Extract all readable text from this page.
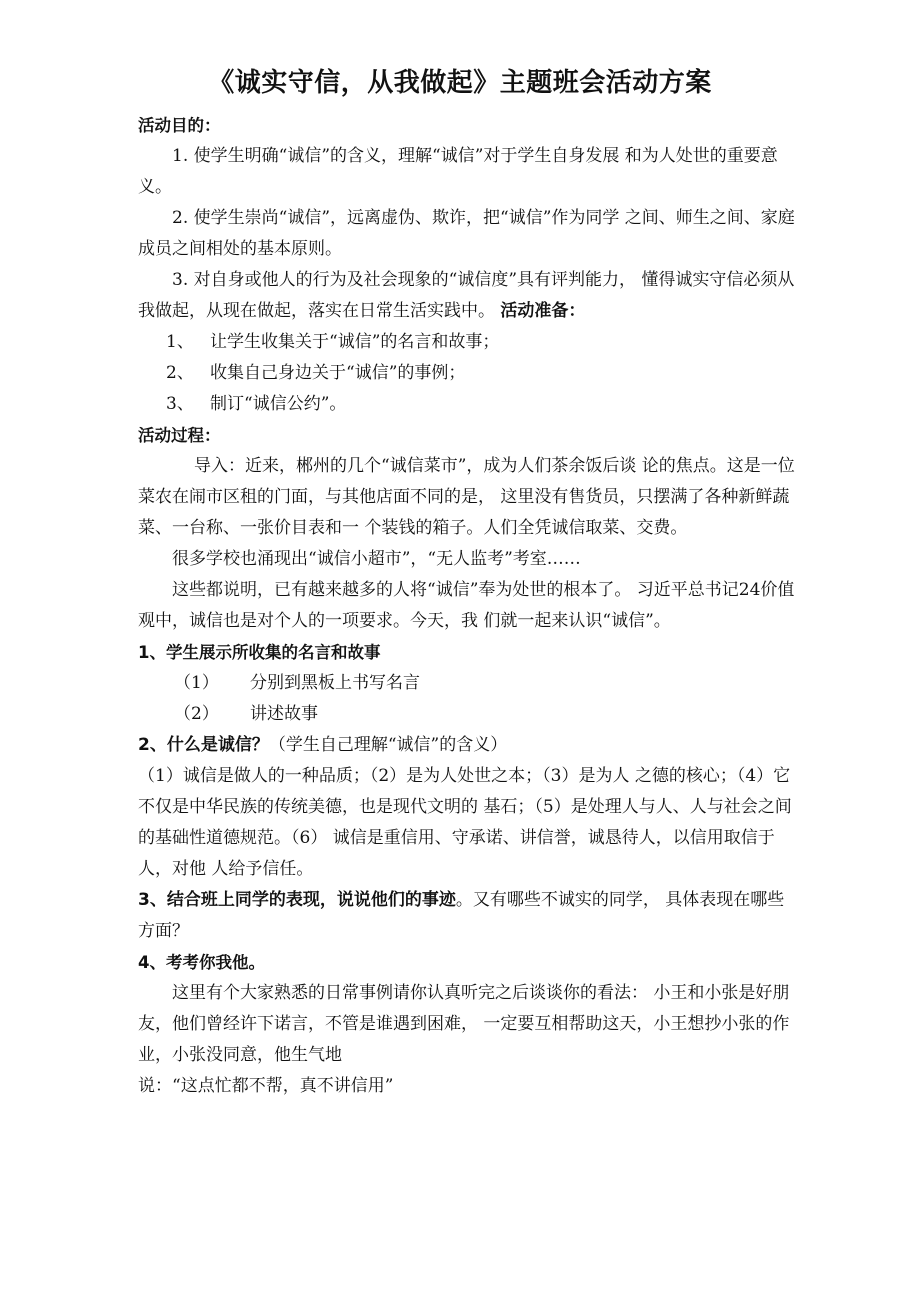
《诚实守信，从我做起》主题班会活动方案

活动目的：

1. 使学生明确“诚信”的含义，理解“诚信”对于学生自身发展 和为人处世的重要意义。

2. 使学生崇尚“诚信”，远离虚伪、欺诈，把“诚信”作为同学 之间、师生之间、家庭成员之间相处的基本原则。

3. 对自身或他人的行为及社会现象的“诚信度”具有评判能力， 懂得诚实守信必须从我做起，从现在做起，落实在日常生活实践中。 活动准备：

1、 让学生收集关于“诚信”的名言和故事；

2、 收集自己身边关于“诚信”的事例；

3、 制订“诚信公约”。

活动过程：

导入：近来，郴州的几个“诚信菜市”，成为人们茶余饭后谈 论的焦点。这是一位菜农在闹市区租的门面，与其他店面不同的是， 这里没有售货员，只摆满了各种新鲜蔬菜、一台称、一张价目表和一 个装钱的箱子。人们全凭诚信取菜、交费。

很多学校也涌现出“诚信小超市”，“无人监考”考室……

这些都说明，已有越来越多的人将“诚信”奉为处世的根本了。 习近平总书记24价值观中，诚信也是对个人的一项要求。今天，我 们就一起来认识“诚信”。

1、学生展示所收集的名言和故事

（1） 分别到黑板上书写名言

（2） 讲述故事

2、什么是诚信？（学生自己理解“诚信”的含义）

（1）诚信是做人的一种品质；（2）是为人处世之本；（3）是为人 之德的核心；（4）它不仅是中华民族的传统美德，也是现代文明的 基石；（5）是处理人与人、人与社会之间的基础性道德规范。（6） 诚信是重信用、守承诺、讲信誉，诚恳待人，以信用取信于人，对他 人给予信任。

3、结合班上同学的表现，说说他们的事迹。又有哪些不诚实的同学， 具体表现在哪些方面？

4、考考你我他。

这里有个大家熟悉的日常事例请你认真听完之后谈谈你的看法： 小王和小张是好朋友，他们曾经许下诺言，不管是谁遇到困难， 一定要互相帮助这天，小王想抄小张的作业，小张没同意，他生气地

说：“这点忙都不帮，真不讲信用”
